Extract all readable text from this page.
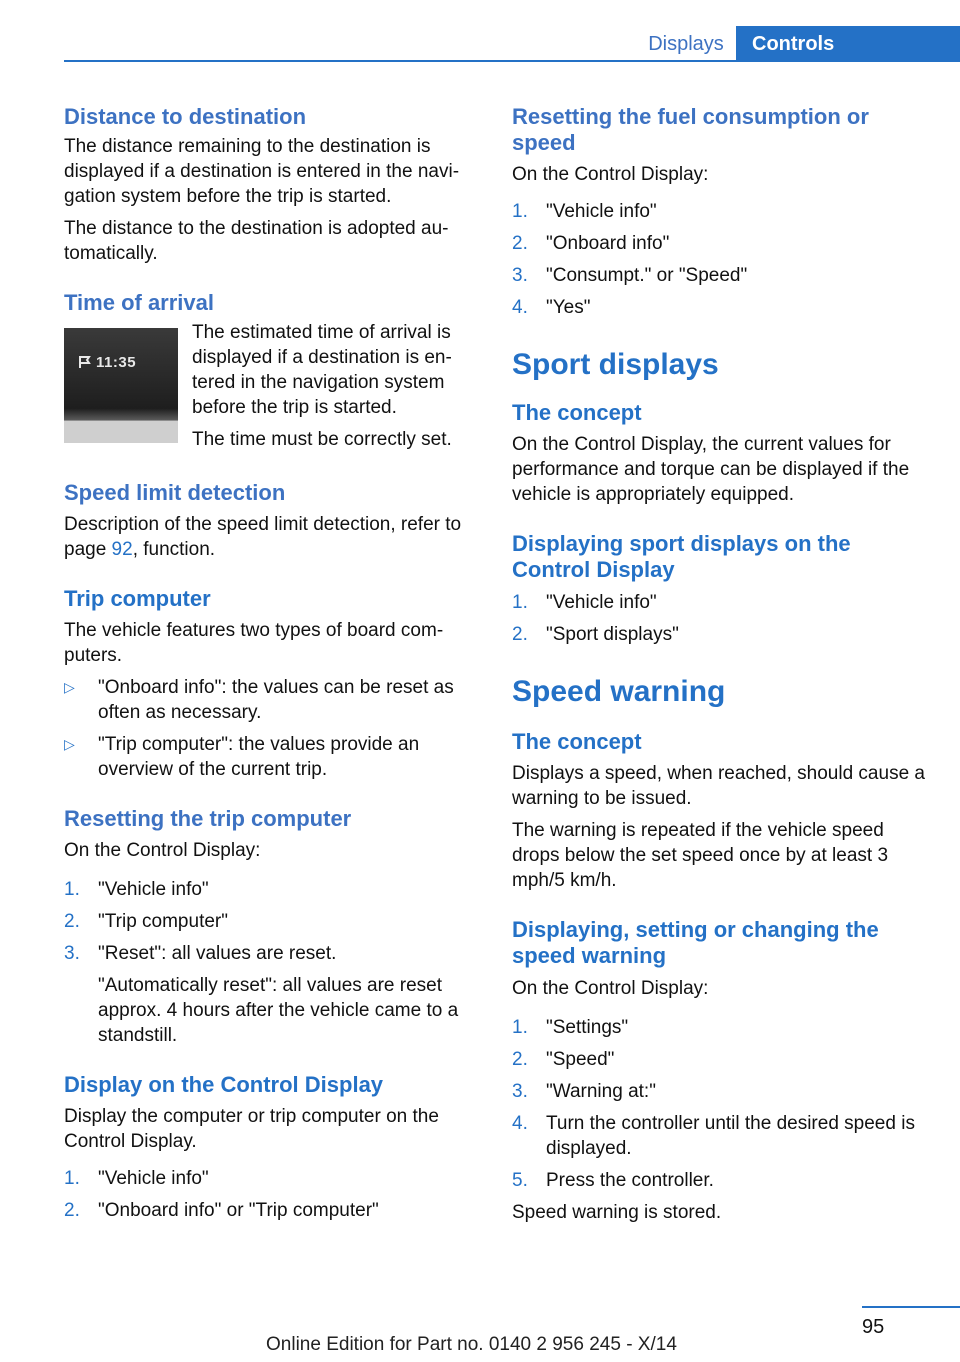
Displays	Controls
Distance to destination

The distance remaining to the destination is displayed if a destination is entered in the navigation system before the trip is started.

The distance to the destination is adopted automatically.

Time of arrival
11:35

The estimated time of arrival is displayed if a destination is entered in the navigation system before the trip is started.

The time must be correctly set.

Speed limit detection

Description of the speed limit detection, refer to page 92, function.

Trip computer

The vehicle features two types of board computers.

▷ "Onboard info": the values can be reset as often as necessary.
▷ "Trip computer": the values provide an overview of the current trip.
Resetting the trip computer

On the Control Display:

1. "Vehicle info"
2. "Trip computer"
3. "Reset": all values are reset.
"Automatically reset": all values are reset approx. 4 hours after the vehicle came to a standstill.
Display on the Control Display

Display the computer or trip computer on the Control Display.

1. "Vehicle info"
2. "Onboard info" or "Trip computer"
Resetting the fuel consumption or speed

On the Control Display:

1. "Vehicle info"
2. "Onboard info"
3. "Consumpt." or "Speed"
4. "Yes"
Sport displays
The concept

On the Control Display, the current values for performance and torque can be displayed if the vehicle is appropriately equipped.

Displaying sport displays on the Control Display
1. "Vehicle info"
2. "Sport displays"
Speed warning
The concept

Displays a speed, when reached, should cause a warning to be issued.

The warning is repeated if the vehicle speed drops below the set speed once by at least 3 mph/5 km/h.

Displaying, setting or changing the speed warning

On the Control Display:

1. "Settings"
2. "Speed"
3. "Warning at:"
4. Turn the controller until the desired speed is displayed.
5. Press the controller.

Speed warning is stored.

95
Online Edition for Part no. 0140 2 956 245 - X/14
